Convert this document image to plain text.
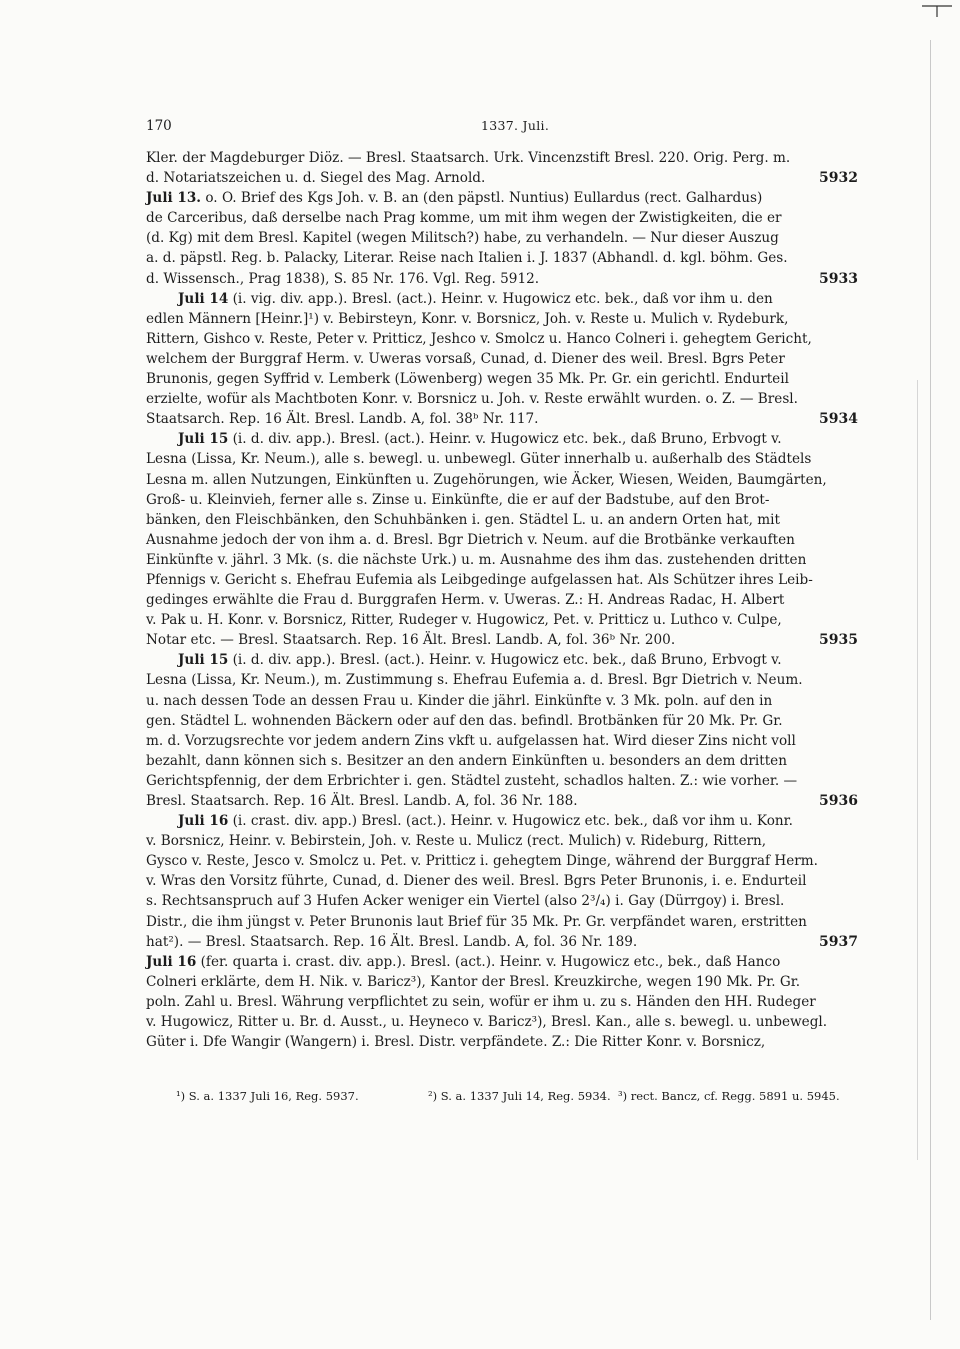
170	1337. Juli.
Kler. der Magdeburger Diöz. — Bresl. Staatsarch. Urk. Vincenzstift Bresl. 220. Orig. Perg. m.
d. Notariatszeichen u. d. Siegel des Mag. Arnold.	5932
Juli 13. o. O. Brief des Kgs Joh. v. B. an (den päpstl. Nuntius) Eullardus (rect. Galhardus)
de Carceribus, daß derselbe nach Prag komme, um mit ihm wegen der Zwistigkeiten, die er
(d. Kg) mit dem Bresl. Kapitel (wegen Militsch?) habe, zu verhandeln. — Nur dieser Auszug
a. d. päpstl. Reg. b. Palacky, Literar. Reise nach Italien i. J. 1837 (Abhandl. d. kgl. böhm. Ges.
d. Wissensch., Prag 1838), S. 85 Nr. 176. Vgl. Reg. 5912.	5933
Juli 14 (i. vig. div. app.). Bresl. (act.). Heinr. v. Hugowicz etc. bek., daß vor ihm u. den
edlen Männern [Heinr.]¹) v. Bebirsteyn, Konr. v. Borsnicz, Joh. v. Reste u. Mulich v. Rydeburk,
Rittern, Gishco v. Reste, Peter v. Pritticz, Jeshco v. Smolcz u. Hanco Colneri i. gehegtem Gericht,
welchem der Burggraf Herm. v. Uweras vorsaß, Cunad, d. Diener des weil. Bresl. Bgrs Peter
Brunonis, gegen Syffrid v. Lemberk (Löwenberg) wegen 35 Mk. Pr. Gr. ein gerichtl. Endurteil
erzielte, wofür als Machtboten Konr. v. Borsnicz u. Joh. v. Reste erwählt wurden. o. Z. — Bresl.
Staatsarch. Rep. 16 Ält. Bresl. Landb. A, fol. 38ᵇ Nr. 117.	5934
Juli 15 (i. d. div. app.). Bresl. (act.). Heinr. v. Hugowicz etc. bek., daß Bruno, Erbvogt v.
Lesna (Lissa, Kr. Neum.), alle s. bewegl. u. unbewegl. Güter innerhalb u. außerhalb des Städtels
Lesna m. allen Nutzungen, Einkünften u. Zugehörungen, wie Äcker, Wiesen, Weiden, Baumgärten,
Groß- u. Kleinvieh, ferner alle s. Zinse u. Einkünfte, die er auf der Badstube, auf den Brot-
bänken, den Fleischbänken, den Schuhbänken i. gen. Städtel L. u. an andern Orten hat, mit
Ausnahme jedoch der von ihm a. d. Bresl. Bgr Dietrich v. Neum. auf die Brotbänke verkauften
Einkünfte v. jährl. 3 Mk. (s. die nächste Urk.) u. m. Ausnahme des ihm das. zustehenden dritten
Pfennigs v. Gericht s. Ehefrau Eufemia als Leibgedinge aufgelassen hat. Als Schützer ihres Leib-
gedinges erwählte die Frau d. Burggrafen Herm. v. Uweras. Z.: H. Andreas Radac, H. Albert
v. Pak u. H. Konr. v. Borsnicz, Ritter, Rudeger v. Hugowicz, Pet. v. Pritticz u. Luthco v. Culpe,
Notar etc. — Bresl. Staatsarch. Rep. 16 Ält. Bresl. Landb. A, fol. 36ᵇ Nr. 200.	5935
Juli 15 (i. d. div. app.). Bresl. (act.). Heinr. v. Hugowicz etc. bek., daß Bruno, Erbvogt v.
Lesna (Lissa, Kr. Neum.), m. Zustimmung s. Ehefrau Eufemia a. d. Bresl. Bgr Dietrich v. Neum.
u. nach dessen Tode an dessen Frau u. Kinder die jährl. Einkünfte v. 3 Mk. poln. auf den in
gen. Städtel L. wohnenden Bäckern oder auf den das. befindl. Brotbänken für 20 Mk. Pr. Gr.
m. d. Vorzugsrechte vor jedem andern Zins vkft u. aufgelassen hat. Wird dieser Zins nicht voll
bezahlt, dann können sich s. Besitzer an den andern Einkünften u. besonders an dem dritten
Gerichtspfennig, der dem Erbrichter i. gen. Städtel zusteht, schadlos halten. Z.: wie vorher. —
Bresl. Staatsarch. Rep. 16 Ält. Bresl. Landb. A, fol. 36 Nr. 188.	5936
Juli 16 (i. crast. div. app.) Bresl. (act.). Heinr. v. Hugowicz etc. bek., daß vor ihm u. Konr.
v. Borsnicz, Heinr. v. Bebirstein, Joh. v. Reste u. Mulicz (rect. Mulich) v. Rideburg, Rittern,
Gysco v. Reste, Jesco v. Smolcz u. Pet. v. Pritticz i. gehegtem Dinge, während der Burggraf Herm.
v. Wras den Vorsitz führte, Cunad, d. Diener des weil. Bresl. Bgrs Peter Brunonis, i. e. Endurteil
s. Rechtsanspruch auf 3 Hufen Acker weniger ein Viertel (also 2³/₄) i. Gay (Dürrgoy) i. Bresl.
Distr., die ihm jüngst v. Peter Brunonis laut Brief für 35 Mk. Pr. Gr. verpfändet waren, erstritten
hat²). — Bresl. Staatsarch. Rep. 16 Ält. Bresl. Landb. A, fol. 36 Nr. 189.	5937
Juli 16 (fer. quarta i. crast. div. app.). Bresl. (act.). Heinr. v. Hugowicz etc., bek., daß Hanco
Colneri erklärte, dem H. Nik. v. Baricz³), Kantor der Bresl. Kreuzkirche, wegen 190 Mk. Pr. Gr.
poln. Zahl u. Bresl. Währung verpflichtet zu sein, wofür er ihm u. zu s. Händen den HH. Rudeger
v. Hugowicz, Ritter u. Br. d. Ausst., u. Heyneco v. Baricz³), Bresl. Kan., alle s. bewegl. u. unbewegl.
Güter i. Dfe Wangir (Wangern) i. Bresl. Distr. verpfändete. Z.: Die Ritter Konr. v. Borsnicz,
¹) S. a. 1337 Juli 16, Reg. 5937.	²) S. a. 1337 Juli 14, Reg. 5934. ³) rect. Bancz, cf. Regg. 5891 u. 5945.
